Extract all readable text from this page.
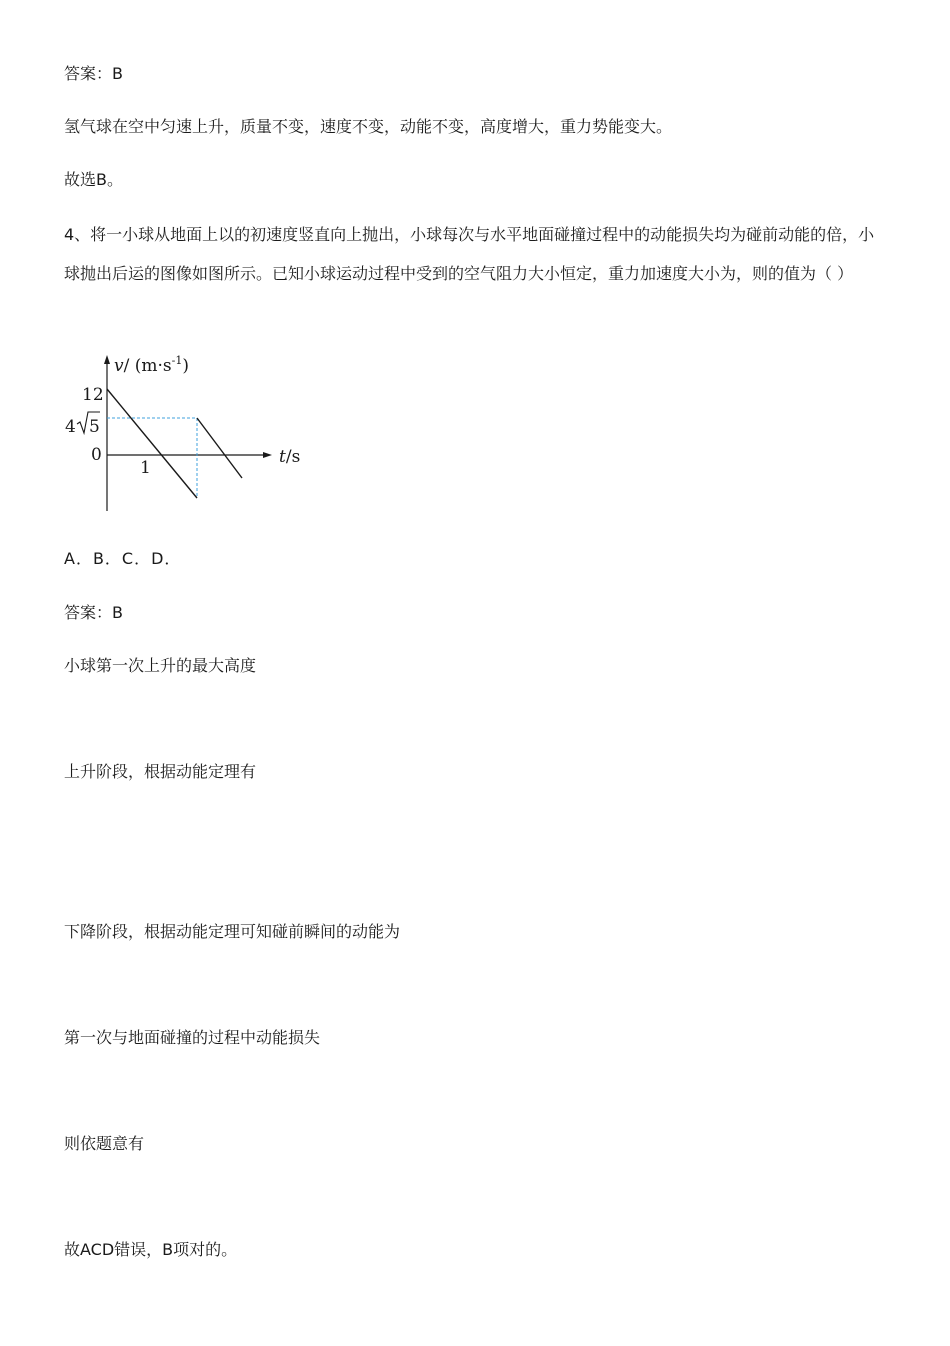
答案：B
氢气球在空中匀速上升，质量不变，速度不变，动能不变，高度增大，重力势能变大。
故选B。
4、将一小球从地面上以的初速度竖直向上抛出，小球每次与水平地面碰撞过程中的动能损失均为碰前动能的倍，小球抛出后运的图像如图所示。已知小球运动过程中受到的空气阻力大小恒定，重力加速度大小为，则的值为（ ）
v/ $(m\cdot s^{-1})$
12
4 5
0
1
t/s
A．B．C．D．
答案：B
小球第一次上升的最大高度
上升阶段，根据动能定理有
下降阶段，根据动能定理可知碰前瞬间的动能为
第一次与地面碰撞的过程中动能损失
则依题意有
故ACD错误，B项对的。
